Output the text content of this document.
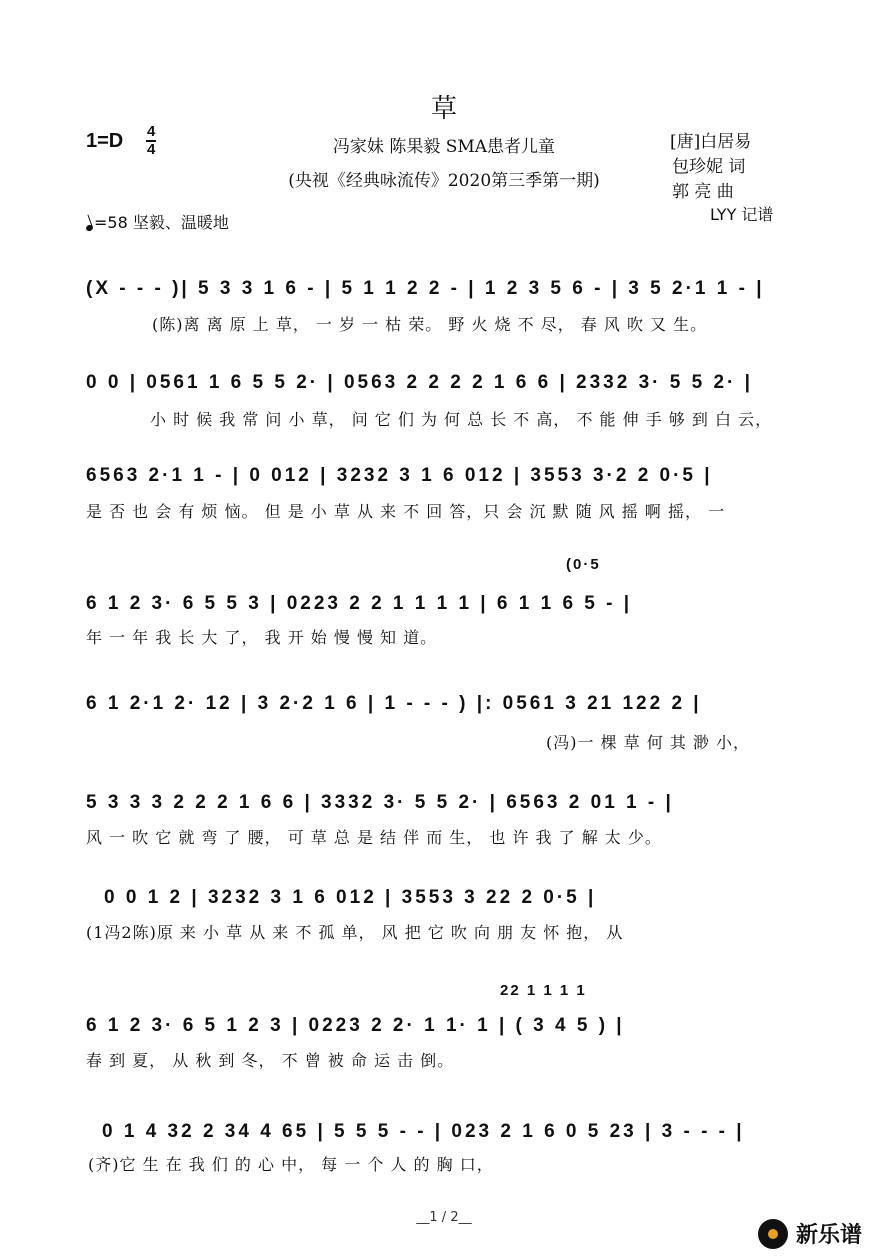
草
1=D 4
4	冯家妹 陈果毅 SMA患者儿童
(央视《经典咏流传》2020第三季第一期)
[唐]白居易
包珍妮 词
郭 亮 曲
LYY 记谱
=58 坚毅、温暖地
(X - - - )| 5 3 3 1 6 - | 5 1 1 2 2 - | 1 2 3 5 6 - | 3 5 2·1 1 - |
(陈)离 离 原 上 草， 一 岁 一 枯 荣。 野 火 烧 不 尽， 春 风 吹 又 生。
0 0 | 0561 1 6 5 5 2· | 0563 2 2 2 2 1 6 6 | 2332 3· 5 5 2· |
小 时 候 我 常 问 小 草， 问 它 们 为 何 总 长 不 高， 不 能 伸 手 够 到 白 云，
6563 2·1 1 - | 0 012 | 3232 3 1 6 012 | 3553 3·2 2 0·5 |
是 否 也 会 有 烦 恼。 但 是 小 草 从 来 不 回 答，只 会 沉 默 随 风 摇 啊 摇， 一
(0·5
6 1 2 3· 6 5 5 3 | 0223 2 2 1 1 1 1 | 6 1 1 6 5 - |
年 一 年 我 长 大 了， 我 开 始 慢 慢 知 道。
6 1 2·1 2· 12 | 3 2·2 1 6 | 1 - - - ) |: 0561 3 21 122 2 |
(冯)一 棵 草 何 其 渺 小，
5 3 3 3 2 2 2 1 6 6 | 3332 3· 5 5 2· | 6563 2 01 1 - |
风 一 吹 它 就 弯 了 腰， 可 草 总 是 结 伴 而 生， 也 许 我 了 解 太 少。
0 0 1 2 | 3232 3 1 6 012 | 3553 3 22 2 0·5 |
(1冯2陈)原 来 小 草 从 来 不 孤 单， 风 把 它 吹 向 朋 友 怀 抱， 从
22 1 1 1 1
6 1 2 3· 6 5 1 2 3 | 0223 2 2· 1 1· 1 | ( 3 4 5 ) |
春 到 夏， 从 秋 到 冬， 不 曾 被 命 运 击 倒。
0 1 4 32 2 34 4 65 | 5 5 5 - - | 023 2 1 6 0 5 23 | 3 - - - |
(齐)它 生 在 我 们 的 心 中， 每 一 个 人 的 胸 口，
__1 / 2__
新乐谱
